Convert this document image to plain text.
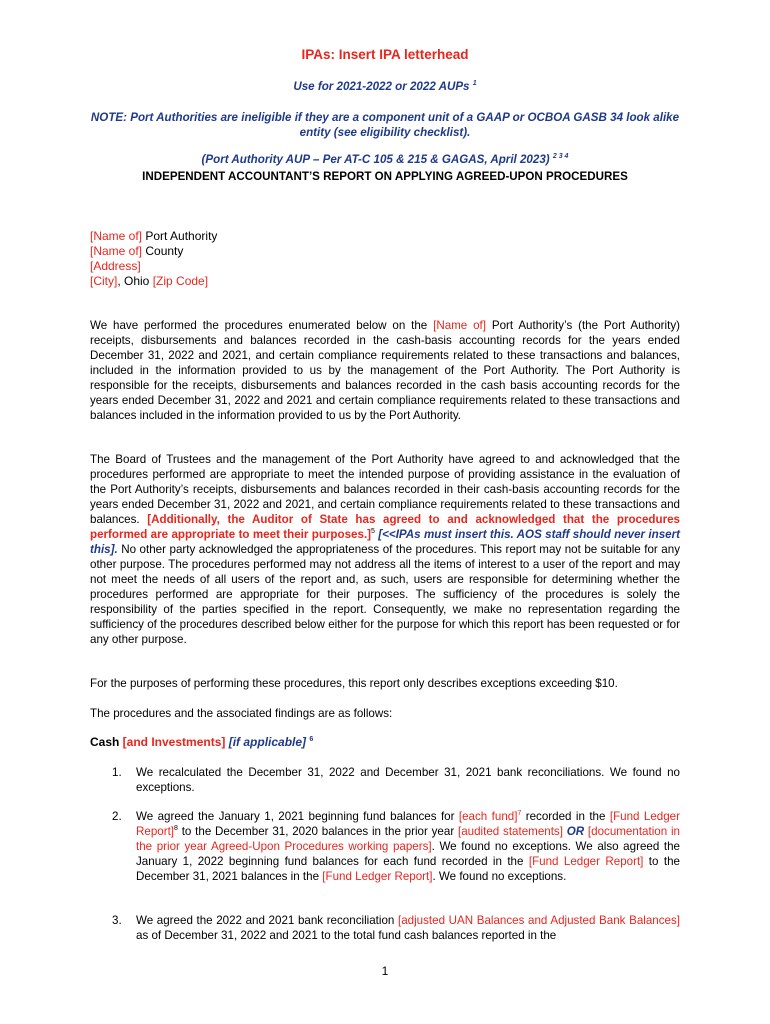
IPAs: Insert IPA letterhead
Use for 2021-2022 or 2022 AUPs $^1$
NOTE: Port Authorities are ineligible if they are a component unit of a GAAP or OCBOA GASB 34 look alike entity (see eligibility checklist).
(Port Authority AUP – Per AT-C 105 & 215 & GAGAS, April 2023) $^{2 3 4}$
INDEPENDENT ACCOUNTANT’S REPORT ON APPLYING AGREED-UPON PROCEDURES
[Name of] Port Authority
[Name of] County
[Address]
[City], Ohio [Zip Code]
We have performed the procedures enumerated below on the [Name of] Port Authority’s (the Port Authority) receipts, disbursements and balances recorded in the cash-basis accounting records for the years ended December 31, 2022 and 2021, and certain compliance requirements related to these transactions and balances, included in the information provided to us by the management of the Port Authority. The Port Authority is responsible for the receipts, disbursements and balances recorded in the cash basis accounting records for the years ended December 31, 2022 and 2021 and certain compliance requirements related to these transactions and balances included in the information provided to us by the Port Authority.
The Board of Trustees and the management of the Port Authority have agreed to and acknowledged that the procedures performed are appropriate to meet the intended purpose of providing assistance in the evaluation of the Port Authority’s receipts, disbursements and balances recorded in their cash-basis accounting records for the years ended December 31, 2022 and 2021, and certain compliance requirements related to these transactions and balances. [Additionally, the Auditor of State has agreed to and acknowledged that the procedures performed are appropriate to meet their purposes.]$^5$ [<<IPAs must insert this. AOS staff should never insert this]. No other party acknowledged the appropriateness of the procedures. This report may not be suitable for any other purpose. The procedures performed may not address all the items of interest to a user of the report and may not meet the needs of all users of the report and, as such, users are responsible for determining whether the procedures performed are appropriate for their purposes. The sufficiency of the procedures is solely the responsibility of the parties specified in the report. Consequently, we make no representation regarding the sufficiency of the procedures described below either for the purpose for which this report has been requested or for any other purpose.
For the purposes of performing these procedures, this report only describes exceptions exceeding $10.
The procedures and the associated findings are as follows:
Cash [and Investments] [if applicable] $^6$
1.	We recalculated the December 31, 2022 and December 31, 2021 bank reconciliations. We found no exceptions.
2.	We agreed the January 1, 2021 beginning fund balances for [each fund]$^7$ recorded in the [Fund Ledger Report]$^8$ to the December 31, 2020 balances in the prior year [audited statements] OR [documentation in the prior year Agreed-Upon Procedures working papers]. We found no exceptions. We also agreed the January 1, 2022 beginning fund balances for each fund recorded in the [Fund Ledger Report] to the December 31, 2021 balances in the [Fund Ledger Report]. We found no exceptions.
3.	We agreed the 2022 and 2021 bank reconciliation [adjusted UAN Balances and Adjusted Bank Balances] as of December 31, 2022 and 2021 to the total fund cash balances reported in the
1
